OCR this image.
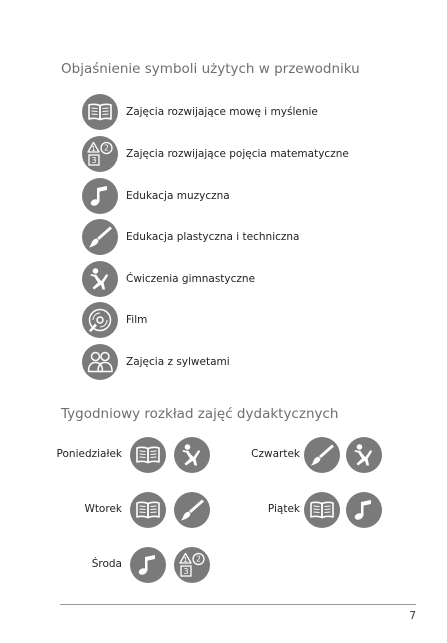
Objaśnienie symboli użytych w przewodniku
Zajęcia rozwijające mowę i myślenie
Zajęcia rozwijające pojęcia matematyczne
Edukacja muzyczna
Edukacja plastyczna i techniczna
Ćwiczenia gimnastyczne
Film
Zajęcia z sylwetami
Tygodniowy rozkład zajęć dydaktycznych
Poniedziałek	Czwartek
Wtorek	Piątek
Środa
7
